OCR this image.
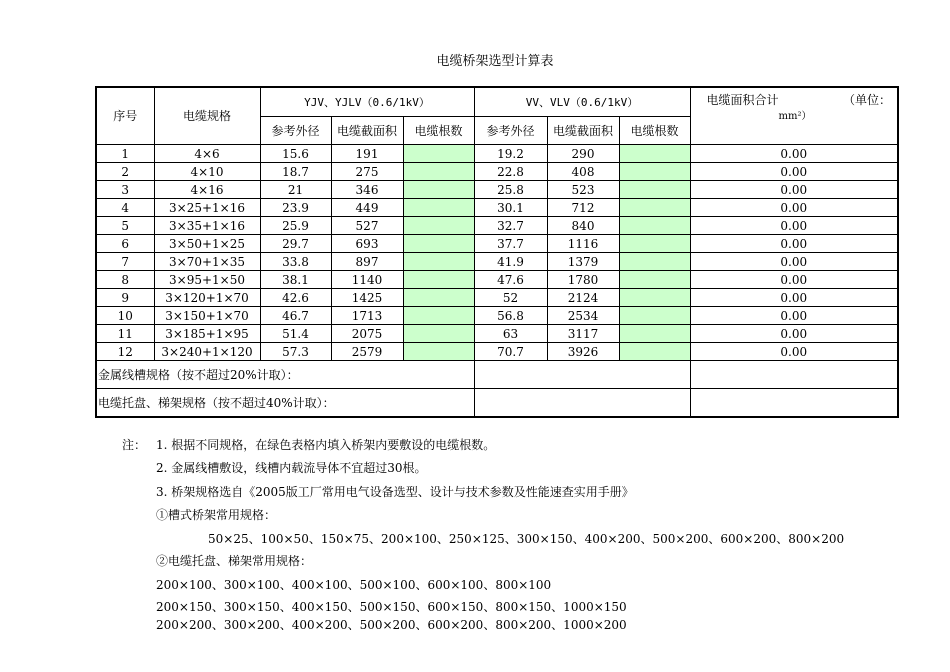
电缆桥架选型计算表
序号	电缆规格	YJV、YJLV（0.6/1kV）			VV、VLV（0.6/1kV）			电缆面积合计 （单位：
mm²）

		参考外径	电缆截面积	电缆根数	参考外径	电缆截面积	电缆根数	
1	4×6	15.6	191		19.2	290		0.00
2	4×10	18.7	275		22.8	408		0.00
3	4×16	21	346		25.8	523		0.00
4	3×25+1×16	23.9	449		30.1	712		0.00
5	3×35+1×16	25.9	527		32.7	840		0.00
6	3×50+1×25	29.7	693		37.7	1116		0.00
7	3×70+1×35	33.8	897		41.9	1379		0.00
8	3×95+1×50	38.1	1140		47.6	1780		0.00
9	3×120+1×70	42.6	1425		52	2124		0.00
10	3×150+1×70	46.7	1713		56.8	2534		0.00
11	3×185+1×95	51.4	2075		63	3117		0.00
12	3×240+1×120	57.3	2579		70.7	3926		0.00
金属线槽规格（按不超过20%计取）：								
电缆托盘、梯架规格（按不超过40%计取）：								
注： 1. 根据不同规格，在绿色表格内填入桥架内要敷设的电缆根数。
2. 金属线槽敷设，线槽内载流导体不宜超过30根。
3. 桥架规格选自《2005版工厂常用电气设备选型、设计与技术参数及性能速查实用手册》
①槽式桥架常用规格：
50×25、100×50、150×75、200×100、250×125、300×150、400×200、500×200、600×200、800×200
②电缆托盘、梯架常用规格：
200×100、300×100、400×100、500×100、600×100、800×100
200×150、300×150、400×150、500×150、600×150、800×150、1000×150
200×200、300×200、400×200、500×200、600×200、800×200、1000×200
